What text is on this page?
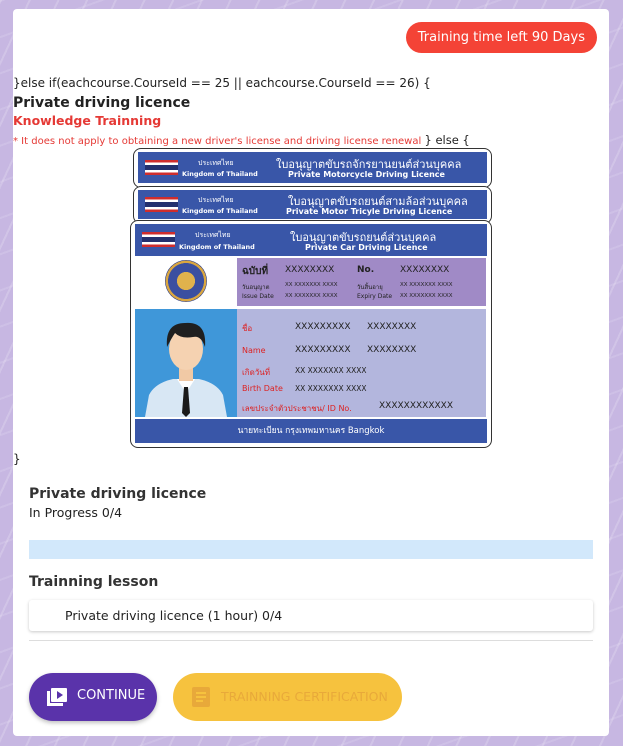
Training time left 90 Days
}else if(eachcourse.CourseId == 25 || eachcourse.CourseId == 26) {
Private driving licence
Knowledge Trainning
* It does not apply to obtaining a new driver's license and driving license renewal } else {
ประเทศไทย
Kingdom of Thailand
ใบอนุญาตขับรถจักรยานยนต์ส่วนบุคคล
Private Motorcycle Driving Licence
ประเทศไทย
Kingdom of Thailand
ใบอนุญาตขับรถยนต์สามล้อส่วนบุคคล
Private Motor Tricyle Driving Licence
ประเทศไทย
Kingdom of Thailand
ใบอนุญาตขับรถยนต์ส่วนบุคคล
Private Car Driving Licence
ฉบับที่ XXXXXXXX	No.	XXXXXXXX
วันอนุญาต	XX XXXXXXX XXXX	วันสิ้นอายุ	XX XXXXXXX XXXX
Issue Date XX XXXXXXX XXXX	Expiry Date XX XXXXXXX XXXX
ชื่อ	XXXXXXXXX XXXXXXXX
Name	XXXXXXXXX XXXXXXXX
เกิดวันที่	XX XXXXXXX XXXX
Birth Date XX XXXXXXX XXXX
เลขประจำตัวประชาชน/ ID No.	XXXXXXXXXXXX
นายทะเบียน กรุงเทพมหานคร Bangkok
}
Private driving licence
In Progress 0/4
Trainning lesson
Private driving licence (1 hour) 0/4
CONTINUE	TRAINNING CERTIFICATION
